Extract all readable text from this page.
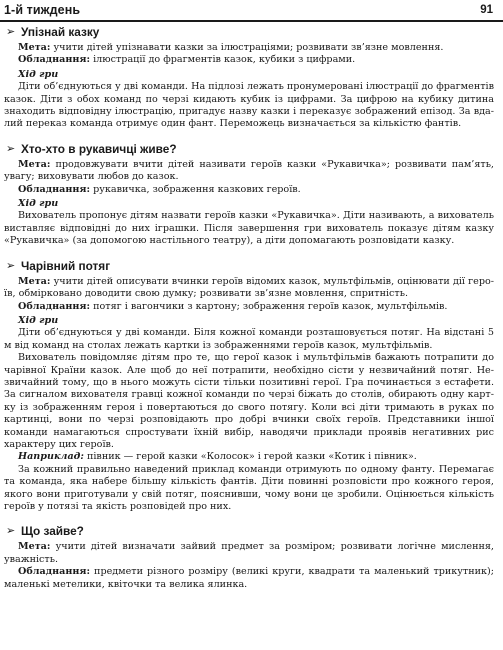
1-й тиждень	91
➢ Упізнай казку

Мета: учити дітей упізнавати казки за ілюстраціями; розвивати зв’язне мовлення.

Обладнання: ілюстрації до фрагментів казок, кубики з цифрами.

Хід гри

Діти об’єднуються у дві команди. На підлозі лежать пронумеровані ілюстрації до фрагментів казок. Діти з обох команд по черзі кидають кубик із цифрами. За цифрою на кубику дитина знаходить відповідну ілюстрацію, пригадує назву казки і переказує зображений епізод. За вдалий переказ команда отримує один фант. Переможець визначається за кількістю фантів.

➢ Хто-хто в рукавичці живе?

Мета: продовжувати вчити дітей називати героїв казки «Рукавичка»; розвивати пам’ять, увагу; виховувати любов до казок.

Обладнання: рукавичка, зображення казкових героїв.

Хід гри

Вихователь пропонує дітям назвати героїв казки «Рукавичка». Діти називають, а вихователь виставляє відповідні до них іграшки. Після завершення гри вихователь показує дітям казку «Рукавичка» (за допомогою настільного театру), а діти допомагають розповідати казку.

➢ Чарівний потяг

Мета: учити дітей описувати вчинки героїв відомих казок, мультфільмів, оцінювати дії героїв, обмірковано доводити свою думку; розвивати зв’язне мовлення, спритність.

Обладнання: потяг і вагончики з картону; зображення героїв казок, мультфільмів.

Хід гри

Діти об’єднуються у дві команди. Біля кожної команди розташовується потяг. На відстані 5 м від команд на столах лежать картки із зображеннями героїв казок, мультфільмів.

Вихователь повідомляє дітям про те, що герої казок і мультфільмів бажають потрапити до чарівної Країни казок. Але щоб до неї потрапити, необхідно сісти у незвичайний потяг. Незвичайний тому, що в нього можуть сісти тільки позитивні герої. Гра починається з естафети. За сигналом вихователя гравці кожної команди по черзі біжать до столів, обирають одну картку із зображенням героя і повертаються до свого потягу. Коли всі діти тримають в руках по картинці, вони по черзі розповідають про добрі вчинки своїх героїв. Представники іншої команди намагаються спростувати їхній вибір, наводячи приклади проявів негативних рис характеру цих героїв.

Наприклад: півник — герой казки «Колосок» і герой казки «Котик і півник».

За кожний правильно наведений приклад команди отримують по одному фанту. Перемагає та команда, яка набере більшу кількість фантів. Діти повинні розповісти про кожного героя, якого вони приготували у свій потяг, пояснивши, чому вони це зробили. Оцінюється кількість героїв у потязі та якість розповідей про них.

➢ Що зайве?

Мета: учити дітей визначати зайвий предмет за розміром; розвивати логічне мислення, уважність.

Обладнання: предмети різного розміру (великі круги, квадрати та маленький трикутник); маленькі метелики, квіточки та велика ялинка.
